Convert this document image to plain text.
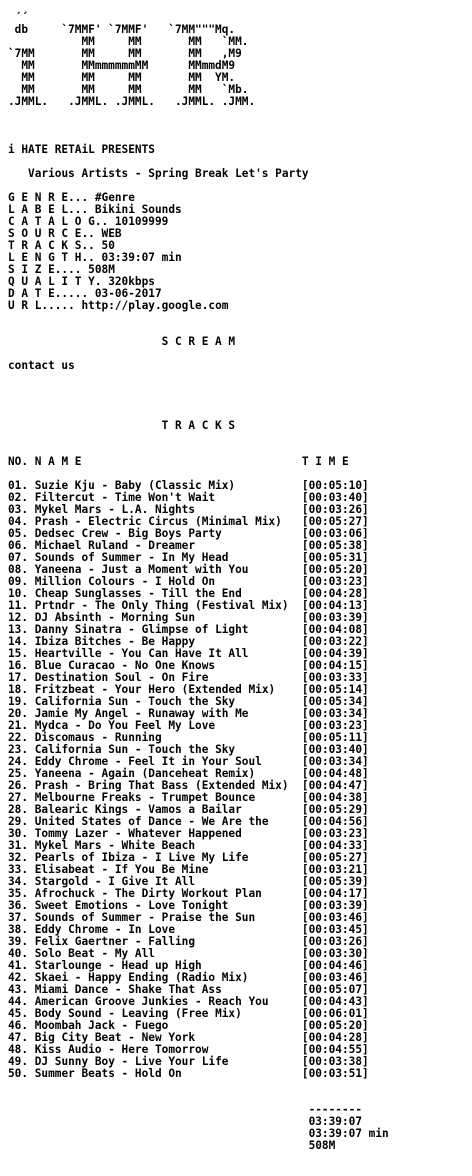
´´
db     `7MMF' `7MMF'   `7MM"""Mq.
MM     MM       MM   `MM.
`7MM       MM     MM       MM   ,M9
MM       MMmmmmmmMM      MMmmdM9
MM       MM     MM       MM  YM.
MM       MM     MM       MM   `Mb.
.JMML.   .JMML. .JMML.   .JMML. .JMM.

i HATE RETAiL PRESENTS

Various Artists - Spring Break Let's Party

G E N R E... #Genre
L A B E L... Bikini Sounds
C A T A L O G.. 10109999
S O U R C E.. WEB
T R A C K S.. 50
L E N G T H.. 03:39:07 min
S I Z E.... 508M
Q U A L I T Y. 320kbps
D A T E..... 03-06-2017
U R L..... http://play.google.com

S C R E A M

contact us

T R A C K S

NO. N A M E	T I M E

01. Suzie Kju - Baby (Classic Mix)	[00:05:10]
02. Filtercut - Time Won't Wait	[00:03:40]
03. Mykel Mars - L.A. Nights	[00:03:26]
04. Prash - Electric Circus (Minimal Mix) [00:05:27]
05. Dedsec Crew - Big Boys Party	[00:03:06]
06. Michael Ruland - Dreamer	[00:05:38]
07. Sounds of Summer - In My Head	[00:05:31]
08. Yaneena - Just a Moment with You	[00:05:20]
09. Million Colours - I Hold On	[00:03:23]
10. Cheap Sunglasses - Till the End	[00:04:28]
11. Prtndr - The Only Thing (Festival Mix) [00:04:13]
12. DJ Absinth - Morning Sun	[00:03:39]
13. Danny Sinatra - Glimpse of Light	[00:04:08]
14. Ibiza Bitches - Be Happy	[00:03:22]
15. Heartville - You Can Have It All	[00:04:39]
16. Blue Curacao - No One Knows	[00:04:15]
17. Destination Soul - On Fire	[00:03:33]
18. Fritzbeat - Your Hero (Extended Mix) [00:05:14]
19. California Sun - Touch the Sky	[00:05:34]
20. Jamie My Angel - Runaway with Me	[00:03:34]
21. Mydca - Do You Feel My Love	[00:03:23]
22. Discomaus - Running	[00:05:11]
23. California Sun - Touch the Sky	[00:03:40]
24. Eddy Chrome - Feel It in Your Soul	[00:03:34]
25. Yaneena - Again (Danceheat Remix)	[00:04:48]
26. Prash - Bring That Bass (Extended Mix) [00:04:47]
27. Melbourne Freaks - Trumpet Bounce	[00:04:38]
28. Balearic Kings - Vamos a Bailar	[00:05:29]
29. United States of Dance - We Are the	[00:04:56]
30. Tommy Lazer - Whatever Happened	[00:03:23]
31. Mykel Mars - White Beach	[00:04:33]
32. Pearls of Ibiza - I Live My Life	[00:05:27]
33. Elisabeat - If You Be Mine	[00:03:21]
34. Stargold - I Give It All	[00:05:39]
35. Afrochuck - The Dirty Workout Plan	[00:04:17]
36. Sweet Emotions - Love Tonight	[00:03:39]
37. Sounds of Summer - Praise the Sun	[00:03:46]
38. Eddy Chrome - In Love	[00:03:45]
39. Felix Gaertner - Falling	[00:03:26]
40. Solo Beat - My All	[00:03:30]
41. Starlounge - Head up High	[00:04:46]
42. Skaei - Happy Ending (Radio Mix)	[00:03:46]
43. Miami Dance - Shake That Ass	[00:05:07]
44. American Groove Junkies - Reach You	[00:04:43]
45. Body Sound - Leaving (Free Mix)	[00:06:01]
46. Moombah Jack - Fuego	[00:05:20]
47. Big City Beat - New York	[00:04:28]
48. Kiss Audio - Here Tomorrow	[00:04:55]
49. DJ Sunny Boy - Live Your Life	[00:03:38]
50. Summer Beats - Hold On	[00:03:51]

--------
03:39:07
03:39:07 min
508M
